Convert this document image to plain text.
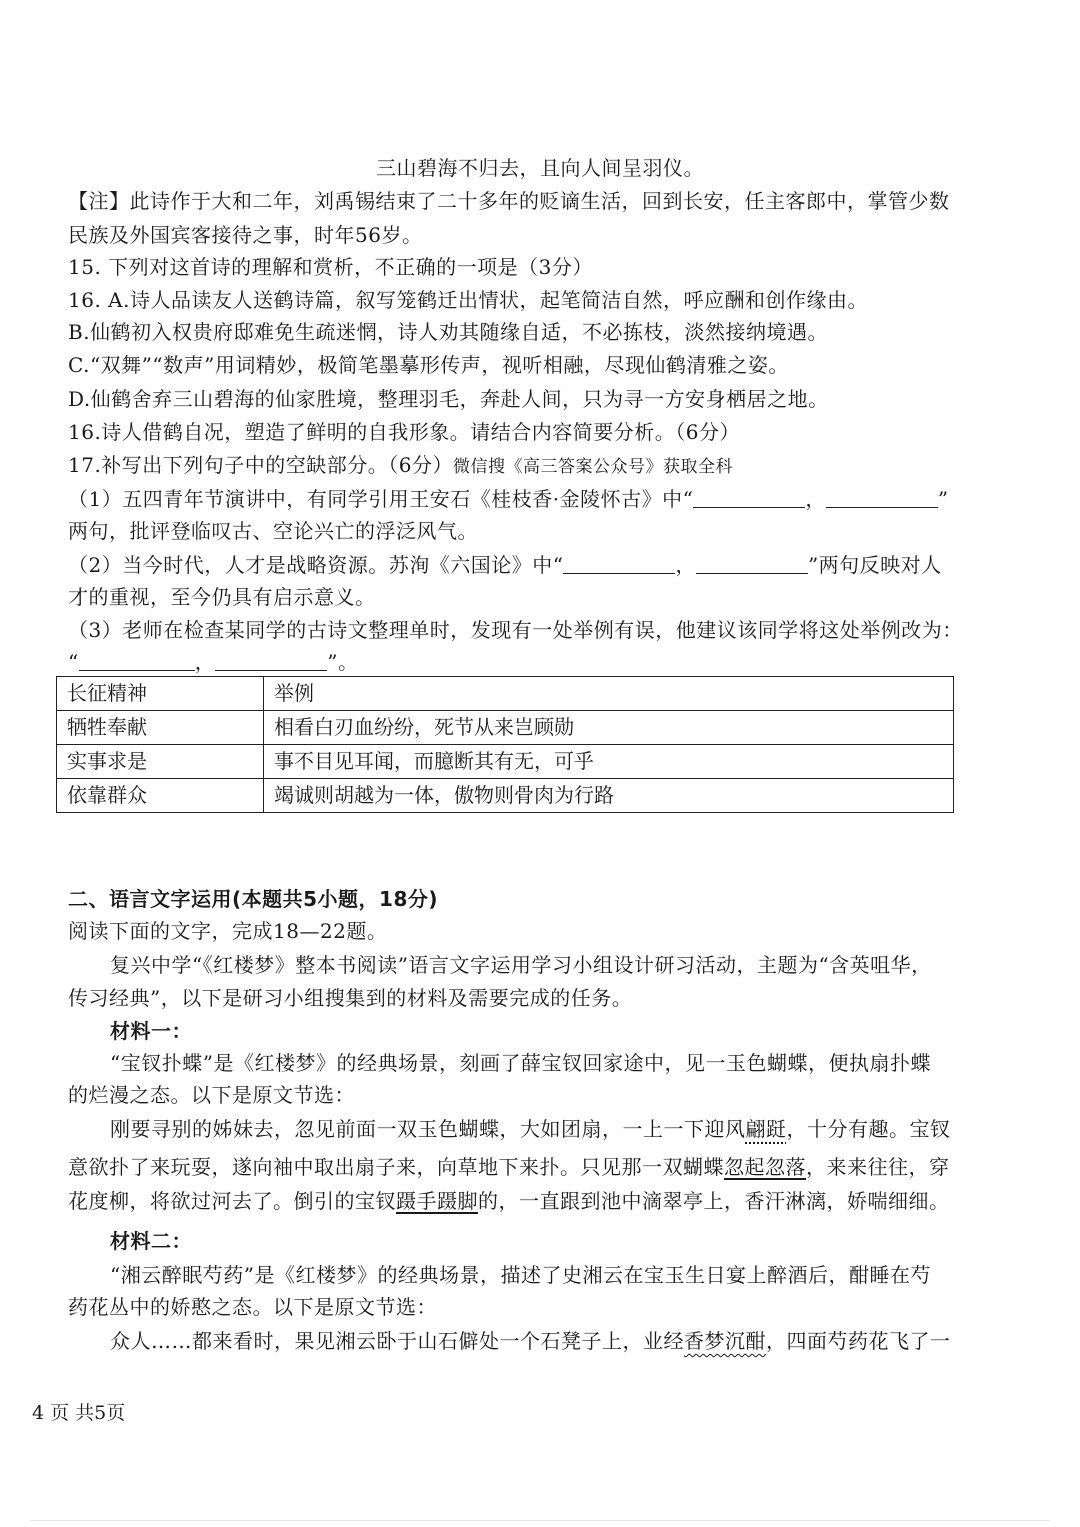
三山碧海不归去，且向人间呈羽仪。
【注】此诗作于大和二年，刘禹锡结束了二十多年的贬谪生活，回到长安，任主客郎中，掌管少数
民族及外国宾客接待之事，时年56岁。
15. 下列对这首诗的理解和赏析，不正确的一项是（3分）
16. A.诗人品读友人送鹤诗篇，叙写笼鹤迁出情状，起笔简洁自然，呼应酬和创作缘由。
B.仙鹤初入权贵府邸难免生疏迷惘，诗人劝其随缘自适，不必拣枝，淡然接纳境遇。
C.“双舞”“数声”用词精妙，极简笔墨摹形传声，视听相融，尽现仙鹤清雅之姿。
D.仙鹤舍弃三山碧海的仙家胜境，整理羽毛，奔赴人间，只为寻一方安身栖居之地。
16.诗人借鹤自况，塑造了鲜明的自我形象。请结合内容简要分析。（6分）
17.补写出下列句子中的空缺部分。（6分）微信搜《高三答案公众号》获取全科
（1）五四青年节演讲中，有同学引用王安石《桂枝香·金陵怀古》中“	，	”
两句，批评登临叹古、空论兴亡的浮泛风气。
（2）当今时代，人才是战略资源。苏洵《六国论》中“	，	”两句反映对人
才的重视，至今仍具有启示意义。
（3）老师在检查某同学的古诗文整理单时，发现有一处举例有误，他建议该同学将这处举例改为：
“	，	”。
长征精神	举例
牺牲奉献	相看白刃血纷纷，死节从来岂顾勋
实事求是	事不目见耳闻，而臆断其有无，可乎
依靠群众	竭诚则胡越为一体，傲物则骨肉为行路
二、语言文字运用(本题共5小题，18分)
阅读下面的文字，完成18—22题。
复兴中学“《红楼梦》整本书阅读”语言文字运用学习小组设计研习活动，主题为“含英咀华，
传习经典”，以下是研习小组搜集到的材料及需要完成的任务。
材料一：
“宝钗扑蝶”是《红楼梦》的经典场景，刻画了薛宝钗回家途中，见一玉色蝴蝶，便执扇扑蝶
的烂漫之态。以下是原文节选：
刚要寻别的姊妹去，忽见前面一双玉色蝴蝶，大如团扇，一上一下迎风翩跹，十分有趣。宝钗
意欲扑了来玩耍，遂向袖中取出扇子来，向草地下来扑。只见那一双蝴蝶忽起忽落，来来往往，穿
花度柳，将欲过河去了。倒引的宝钗蹑手蹑脚的，一直跟到池中滴翠亭上，香汗淋漓，娇喘细细。
材料二：
“湘云醉眠芍药”是《红楼梦》的经典场景，描述了史湘云在宝玉生日宴上醉酒后，酣睡在芍
药花丛中的娇憨之态。以下是原文节选：
众人……都来看时，果见湘云卧于山石僻处一个石凳子上，业经香梦沉酣，四面芍药花飞了一
4 页 共5页
